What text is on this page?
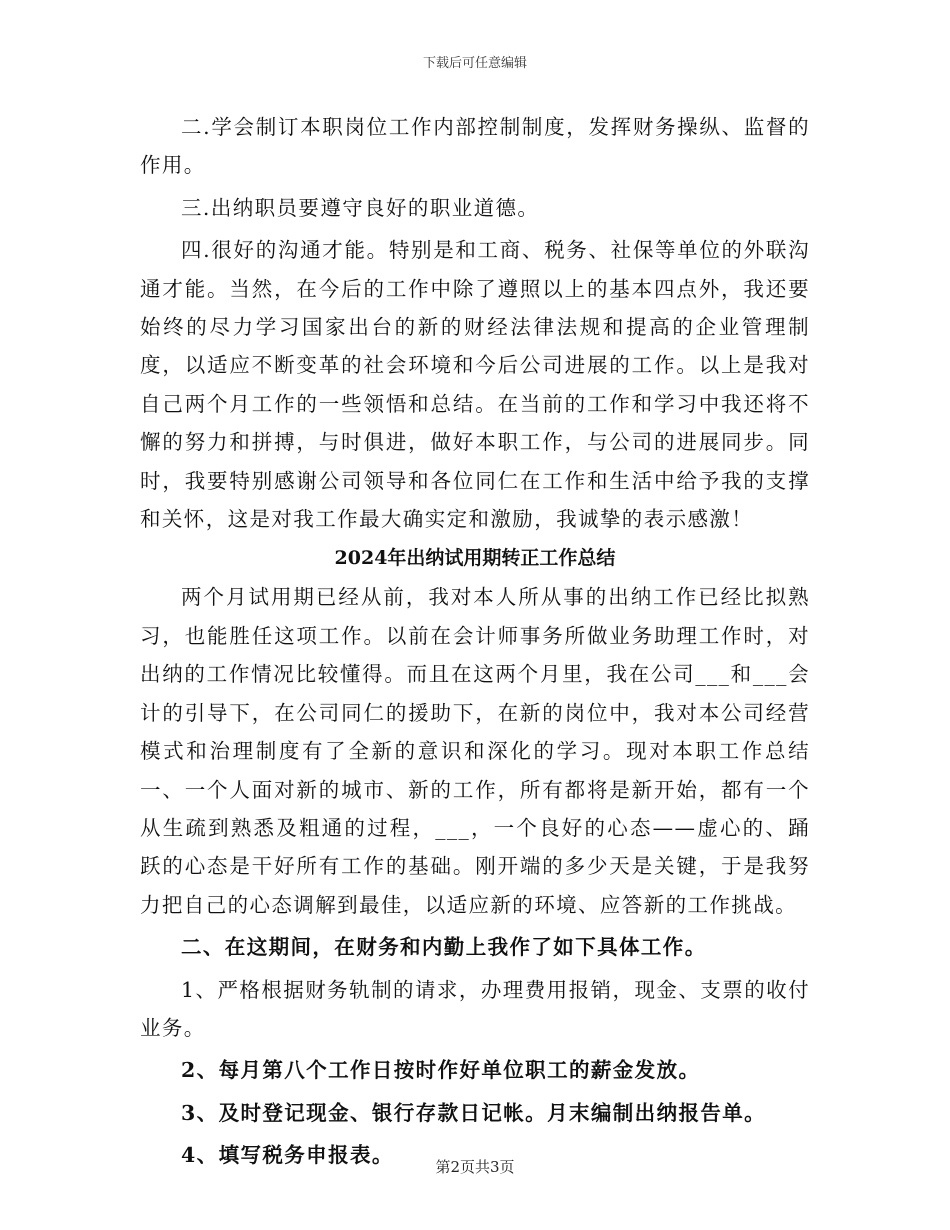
下载后可任意编辑

二.学会制订本职岗位工作内部控制制度，发挥财务操纵、监督的作用。

三.出纳职员要遵守良好的职业道德。

四.很好的沟通才能。特别是和工商、税务、社保等单位的外联沟通才能。当然，在今后的工作中除了遵照以上的基本四点外，我还要始终的尽力学习国家出台的新的财经法律法规和提高的企业管理制度，以适应不断变革的社会环境和今后公司进展的工作。以上是我对自己两个月工作的一些领悟和总结。在当前的工作和学习中我还将不懈的努力和拼搏，与时俱进，做好本职工作，与公司的进展同步。同时，我要特别感谢公司领导和各位同仁在工作和生活中给予我的支撑和关怀，这是对我工作最大确实定和激励，我诚挚的表示感激！

2024年出纳试用期转正工作总结

两个月试用期已经从前，我对本人所从事的出纳工作已经比拟熟习，也能胜任这项工作。以前在会计师事务所做业务助理工作时，对出纳的工作情况比较懂得。而且在这两个月里，我在公司___和___会计的引导下，在公司同仁的援助下，在新的岗位中，我对本公司经营模式和治理制度有了全新的意识和深化的学习。现对本职工作总结一、一个人面对新的城市、新的工作，所有都将是新开始，都有一个从生疏到熟悉及粗通的过程，___，一个良好的心态——虚心的、踊跃的心态是干好所有工作的基础。刚开端的多少天是关键，于是我努力把自己的心态调解到最佳，以适应新的环境、应答新的工作挑战。

二、在这期间，在财务和内勤上我作了如下具体工作。

1、严格根据财务轨制的请求，办理费用报销，现金、支票的收付业务。

2、每月第八个工作日按时作好单位职工的薪金发放。

3、及时登记现金、银行存款日记帐。月末编制出纳报告单。

4、填写税务申报表。	第2页共3页
